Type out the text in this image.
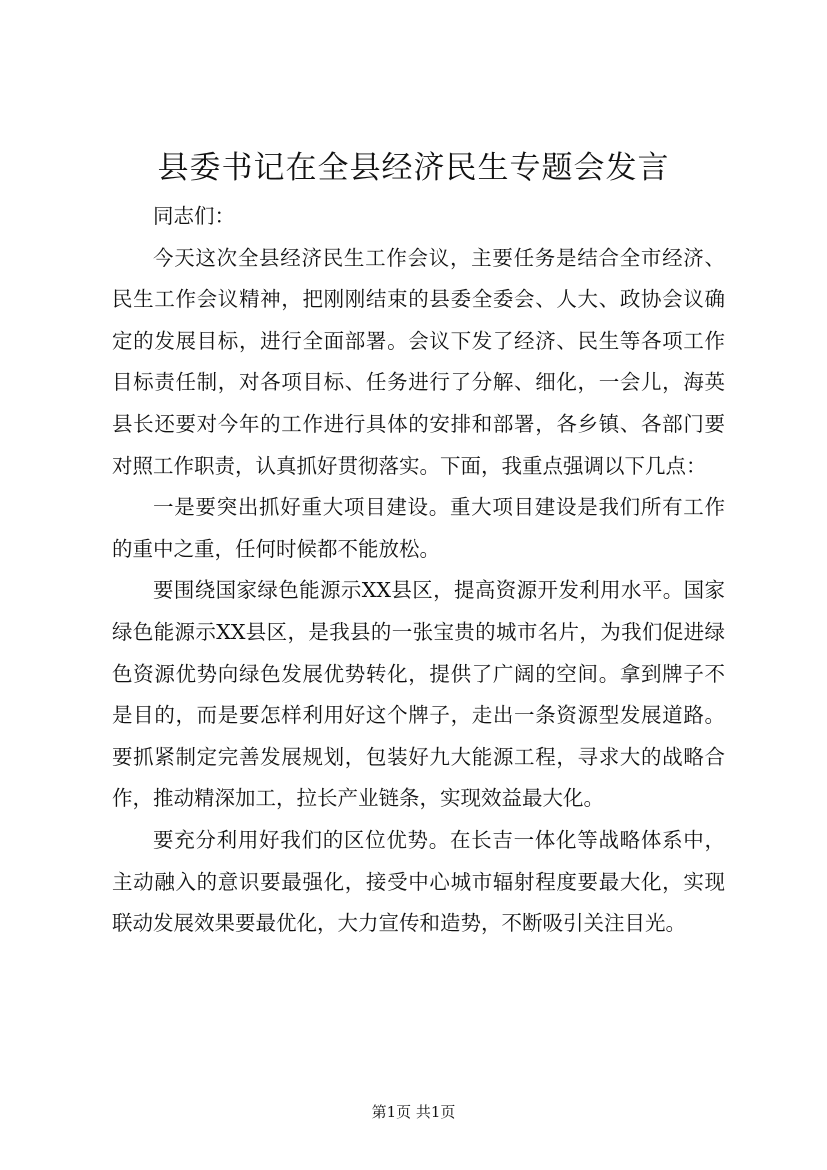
县委书记在全县经济民生专题会发言

同志们：

今天这次全县经济民生工作会议，主要任务是结合全市经济、民生工作会议精神，把刚刚结束的县委全委会、人大、政协会议确定的发展目标，进行全面部署。会议下发了经济、民生等各项工作目标责任制，对各项目标、任务进行了分解、细化，一会儿，海英县长还要对今年的工作进行具体的安排和部署，各乡镇、各部门要对照工作职责，认真抓好贯彻落实。下面，我重点强调以下几点：

一是要突出抓好重大项目建设。重大项目建设是我们所有工作的重中之重，任何时候都不能放松。

要围绕国家绿色能源示XX县区，提高资源开发利用水平。国家绿色能源示XX县区，是我县的一张宝贵的城市名片，为我们促进绿色资源优势向绿色发展优势转化，提供了广阔的空间。拿到牌子不是目的，而是要怎样利用好这个牌子，走出一条资源型发展道路。要抓紧制定完善发展规划，包装好九大能源工程，寻求大的战略合作，推动精深加工，拉长产业链条，实现效益最大化。

要充分利用好我们的区位优势。在长吉一体化等战略体系中，主动融入的意识要最强化，接受中心城市辐射程度要最大化，实现联动发展效果要最优化，大力宣传和造势，不断吸引关注目光。

第1页 共1页
